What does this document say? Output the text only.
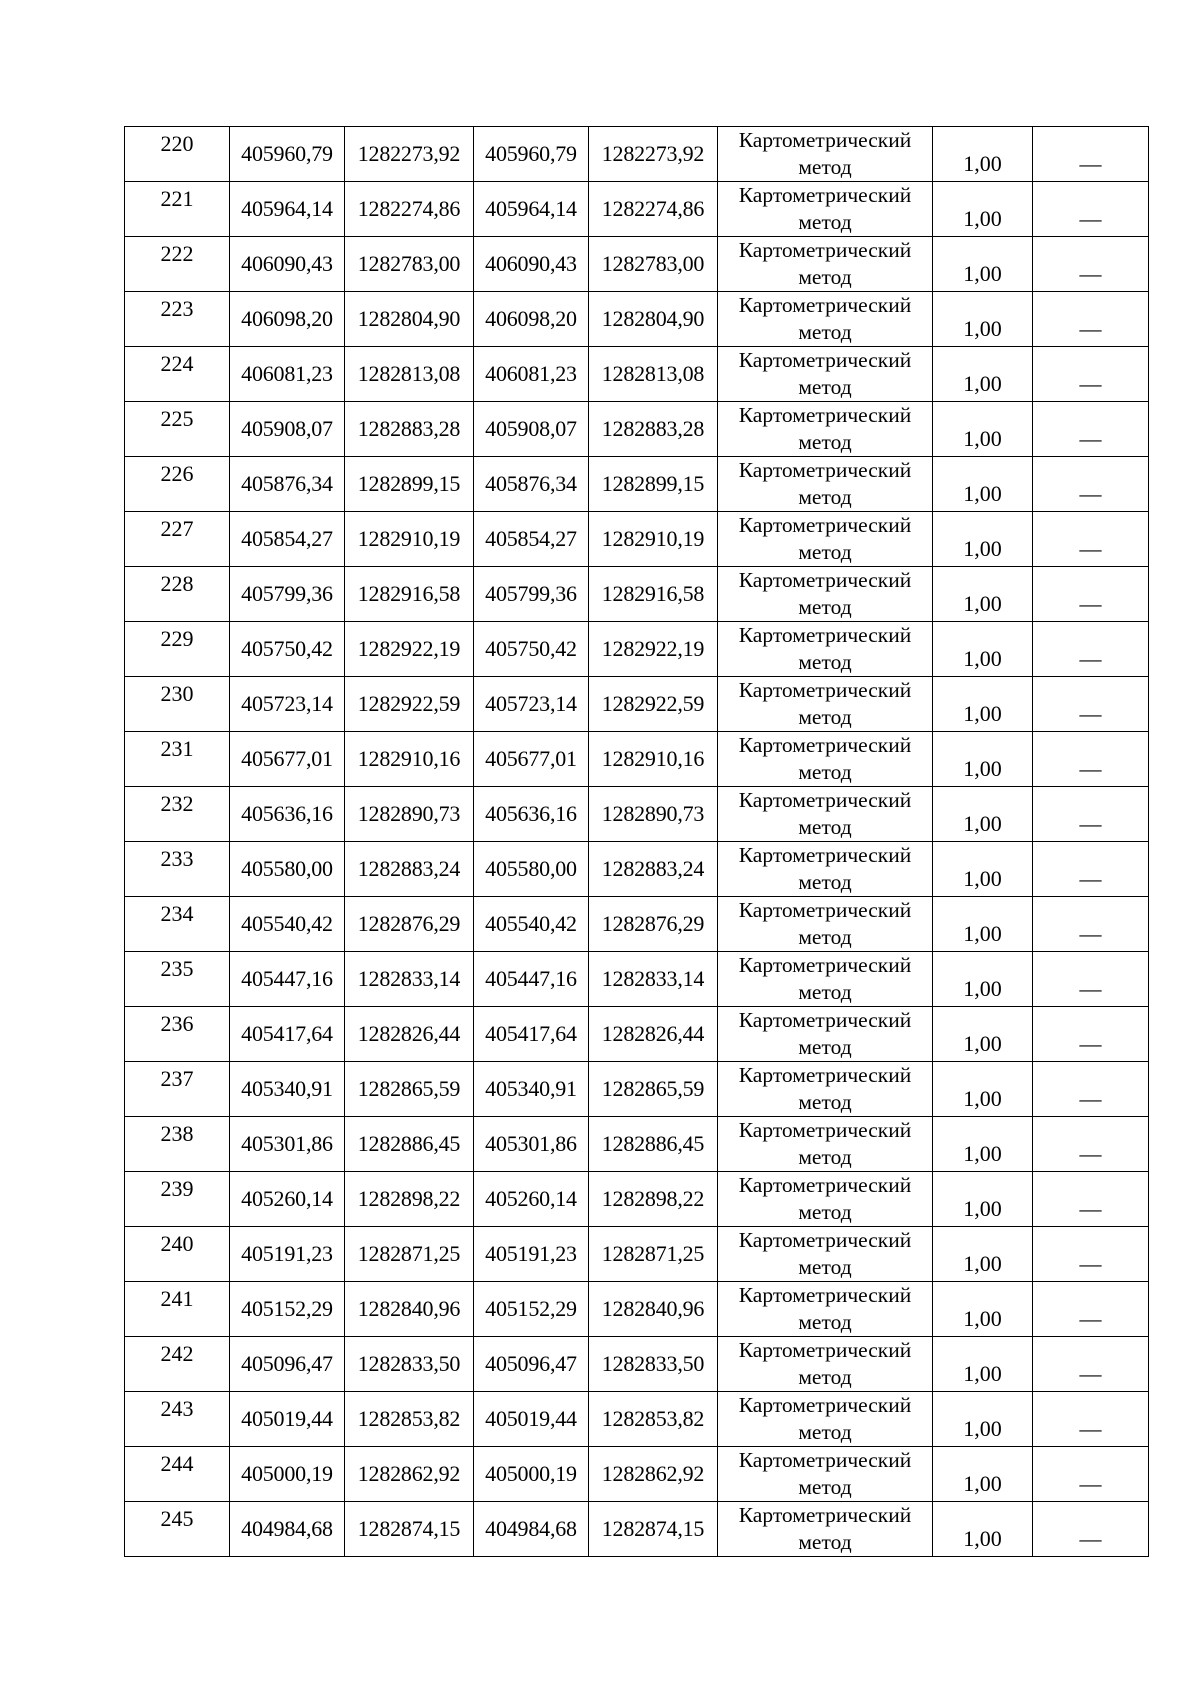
220	405960,79	1282273,92	405960,79	1282273,92	Картометрический
метод	1,00	—
221	405964,14	1282274,86	405964,14	1282274,86	Картометрический
метод	1,00	—
222	406090,43	1282783,00	406090,43	1282783,00	Картометрический
метод	1,00	—
223	406098,20	1282804,90	406098,20	1282804,90	Картометрический
метод	1,00	—
224	406081,23	1282813,08	406081,23	1282813,08	Картометрический
метод	1,00	—
225	405908,07	1282883,28	405908,07	1282883,28	Картометрический
метод	1,00	—
226	405876,34	1282899,15	405876,34	1282899,15	Картометрический
метод	1,00	—
227	405854,27	1282910,19	405854,27	1282910,19	Картометрический
метод	1,00	—
228	405799,36	1282916,58	405799,36	1282916,58	Картометрический
метод	1,00	—
229	405750,42	1282922,19	405750,42	1282922,19	Картометрический
метод	1,00	—
230	405723,14	1282922,59	405723,14	1282922,59	Картометрический
метод	1,00	—
231	405677,01	1282910,16	405677,01	1282910,16	Картометрический
метод	1,00	—
232	405636,16	1282890,73	405636,16	1282890,73	Картометрический
метод	1,00	—
233	405580,00	1282883,24	405580,00	1282883,24	Картометрический
метод	1,00	—
234	405540,42	1282876,29	405540,42	1282876,29	Картометрический
метод	1,00	—
235	405447,16	1282833,14	405447,16	1282833,14	Картометрический
метод	1,00	—
236	405417,64	1282826,44	405417,64	1282826,44	Картометрический
метод	1,00	—
237	405340,91	1282865,59	405340,91	1282865,59	Картометрический
метод	1,00	—
238	405301,86	1282886,45	405301,86	1282886,45	Картометрический
метод	1,00	—
239	405260,14	1282898,22	405260,14	1282898,22	Картометрический
метод	1,00	—
240	405191,23	1282871,25	405191,23	1282871,25	Картометрический
метод	1,00	—
241	405152,29	1282840,96	405152,29	1282840,96	Картометрический
метод	1,00	—
242	405096,47	1282833,50	405096,47	1282833,50	Картометрический
метод	1,00	—
243	405019,44	1282853,82	405019,44	1282853,82	Картометрический
метод	1,00	—
244	405000,19	1282862,92	405000,19	1282862,92	Картометрический
метод	1,00	—
245	404984,68	1282874,15	404984,68	1282874,15	Картометрический
метод	1,00	—
